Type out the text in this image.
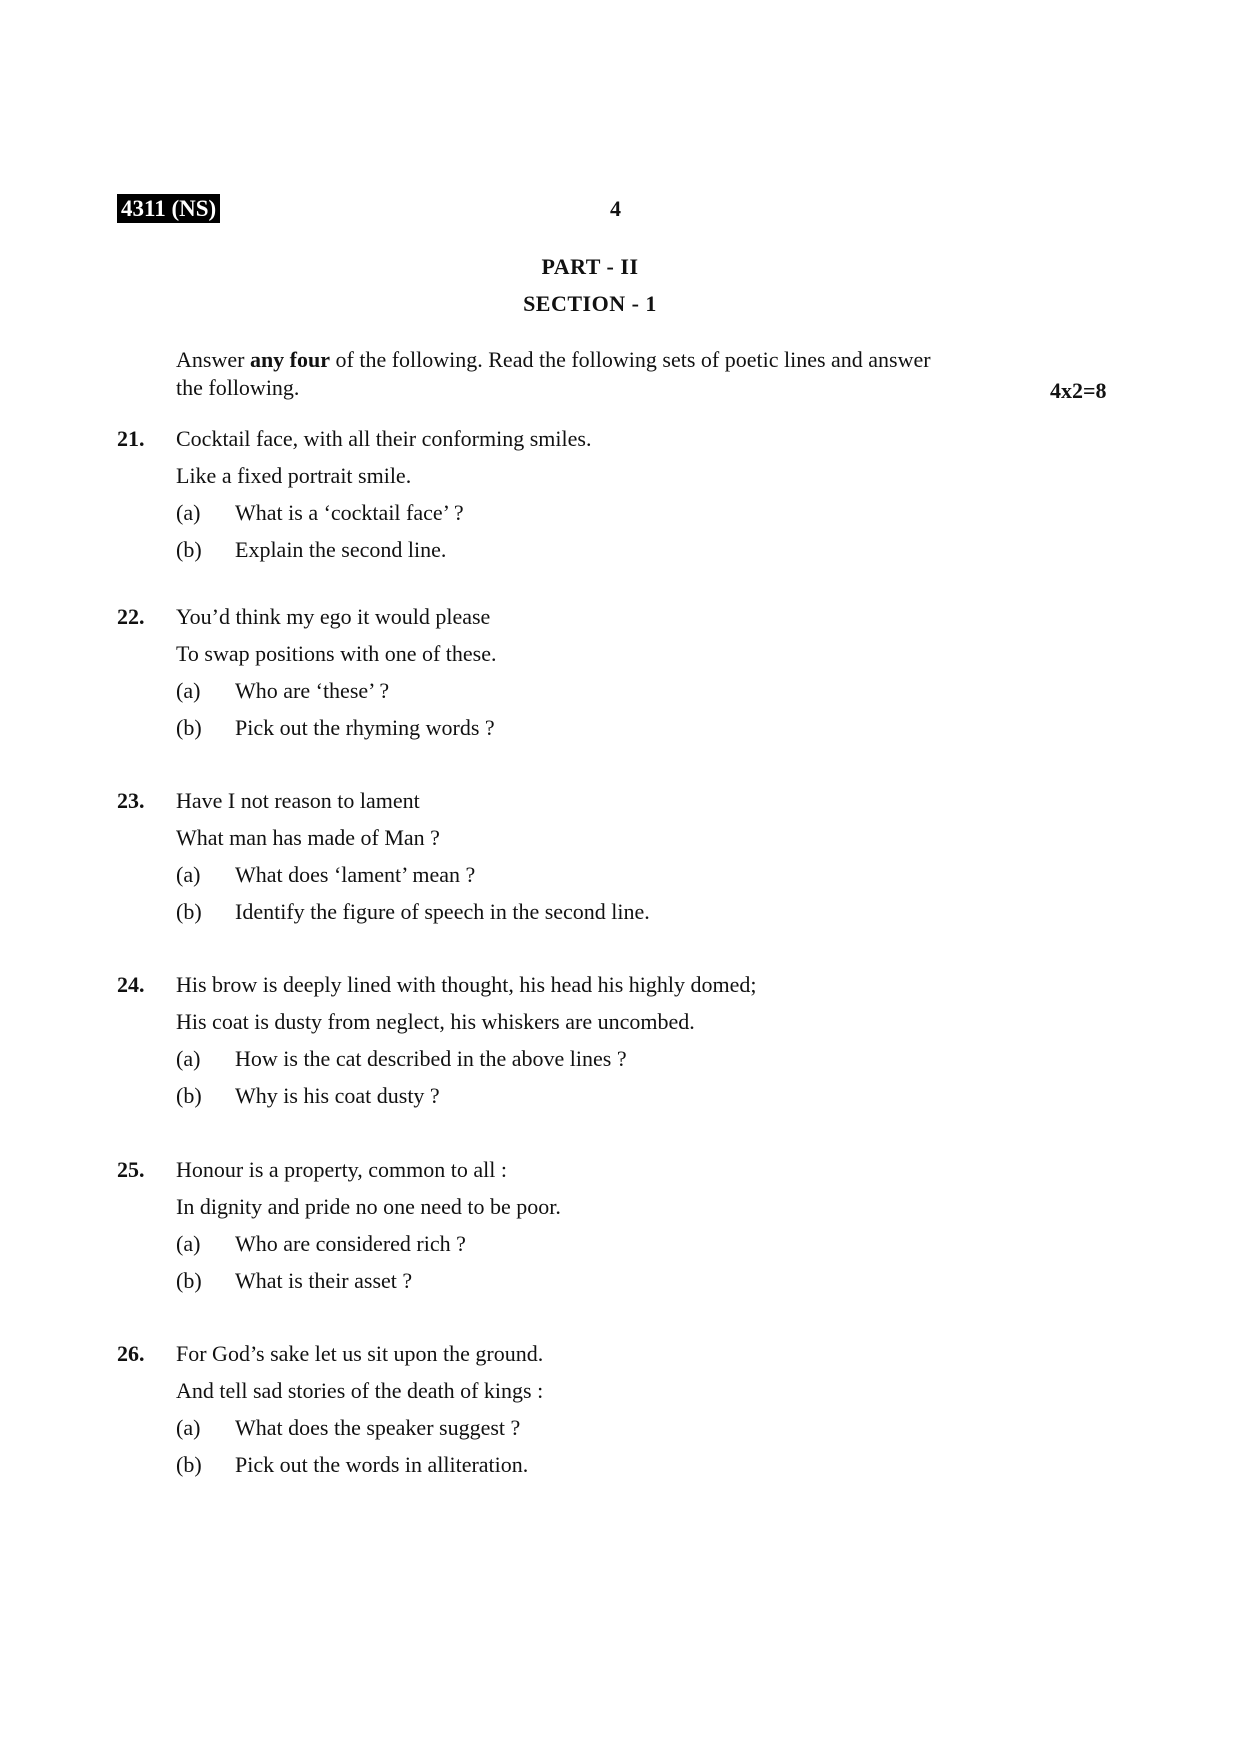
4311 (NS)	4
PART - II
SECTION - 1
Answer any four of the following. Read the following sets of poetic lines and answer
the following.	4x2=8
21. Cocktail face, with all their conforming smiles.
Like a fixed portrait smile.
(a) What is a ‘cocktail face’ ?
(b) Explain the second line.
22. You’d think my ego it would please
To swap positions with one of these.
(a) Who are ‘these’ ?
(b) Pick out the rhyming words ?
23. Have I not reason to lament
What man has made of Man ?
(a) What does ‘lament’ mean ?
(b) Identify the figure of speech in the second line.
24. His brow is deeply lined with thought, his head his highly domed;
His coat is dusty from neglect, his whiskers are uncombed.
(a) How is the cat described in the above lines ?
(b) Why is his coat dusty ?
25. Honour is a property, common to all :
In dignity and pride no one need to be poor.
(a) Who are considered rich ?
(b) What is their asset ?
26. For God’s sake let us sit upon the ground.
And tell sad stories of the death of kings :
(a) What does the speaker suggest ?
(b) Pick out the words in alliteration.
